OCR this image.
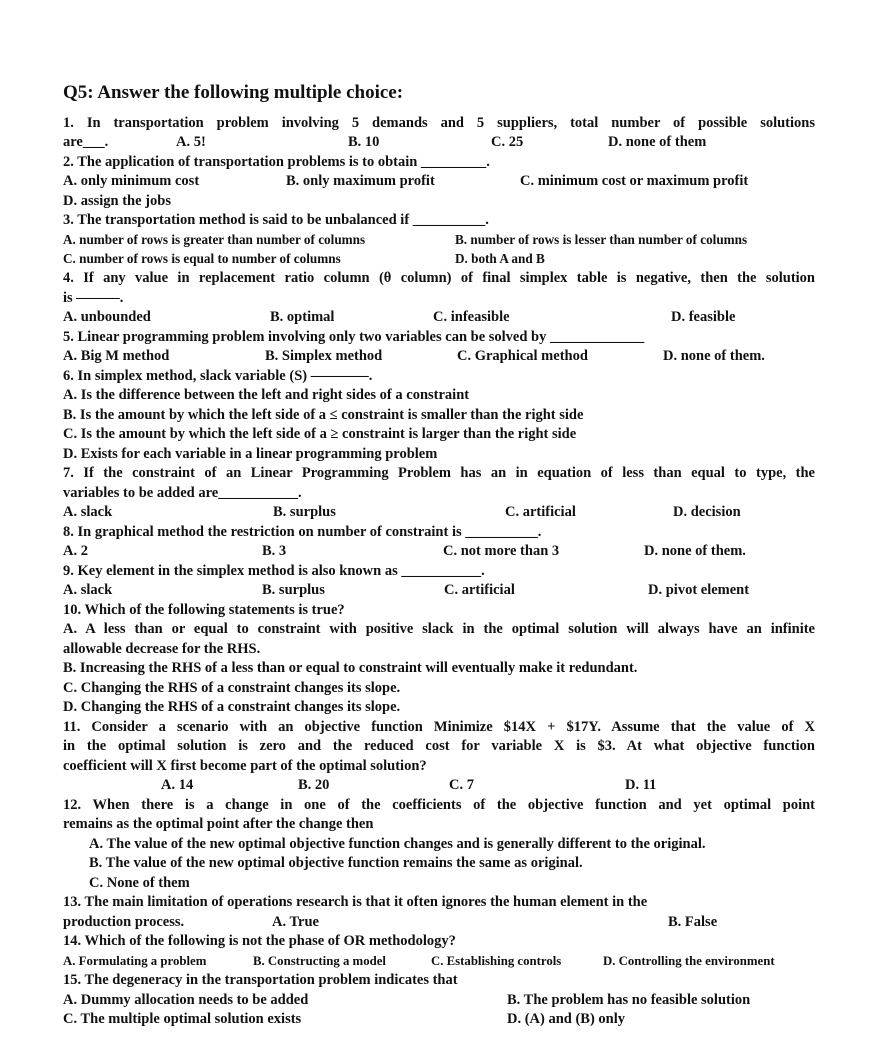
Q5: Answer the following multiple choice:
1. In transportation problem involving 5 demands and 5 suppliers, total number of possible solutions
are___.	A. 5!	B. 10	C. 25	D. none of them
2. The application of transportation problems is to obtain _________.
A. only minimum cost	B. only maximum profit	C. minimum cost or maximum profit
D. assign the jobs
3. The transportation method is said to be unbalanced if __________.
A. number of rows is greater than number of columns	B. number of rows is lesser than number of columns
C. number of rows is equal to number of columns	D. both A and B
4. If any value in replacement ratio column (θ column) of final simplex table is negative, then the solution
is ———.
A. unbounded	B. optimal	C. infeasible	D. feasible
5. Linear programming problem involving only two variables can be solved by _____________
A. Big M method	B. Simplex method	C. Graphical method	D. none of them.
6. In simplex method, slack variable (S) ————.
A. Is the difference between the left and right sides of a constraint
B. Is the amount by which the left side of a ≤ constraint is smaller than the right side
C. Is the amount by which the left side of a ≥ constraint is larger than the right side
D. Exists for each variable in a linear programming problem
7. If the constraint of an Linear Programming Problem has an in equation of less than equal to type, the
variables to be added are___________.
A. slack	B. surplus	C. artificial	D. decision
8. In graphical method the restriction on number of constraint is __________.
A. 2	B. 3	C. not more than 3	D. none of them.
9. Key element in the simplex method is also known as ___________.
A. slack	B. surplus	C. artificial	D. pivot element
10. Which of the following statements is true?
A. A less than or equal to constraint with positive slack in the optimal solution will always have an infinite
allowable decrease for the RHS.
B. Increasing the RHS of a less than or equal to constraint will eventually make it redundant.
C. Changing the RHS of a constraint changes its slope.
D. Changing the RHS of a constraint changes its slope.
11. Consider a scenario with an objective function Minimize $14X + $17Y. Assume that the value of X
in the optimal solution is zero and the reduced cost for variable X is $3. At what objective function
coefficient will X first become part of the optimal solution?
A. 14	B. 20	C. 7	D. 11
12. When there is a change in one of the coefficients of the objective function and yet optimal point
remains as the optimal point after the change then
A. The value of the new optimal objective function changes and is generally different to the original.
B. The value of the new optimal objective function remains the same as original.
C. None of them
13. The main limitation of operations research is that it often ignores the human element in the
production process.	A. True	B. False
14. Which of the following is not the phase of OR methodology?
A. Formulating a problem	B. Constructing a model	C. Establishing controls	D. Controlling the environment
15. The degeneracy in the transportation problem indicates that
A. Dummy allocation needs to be added	B. The problem has no feasible solution
C. The multiple optimal solution exists	D. (A) and (B) only
